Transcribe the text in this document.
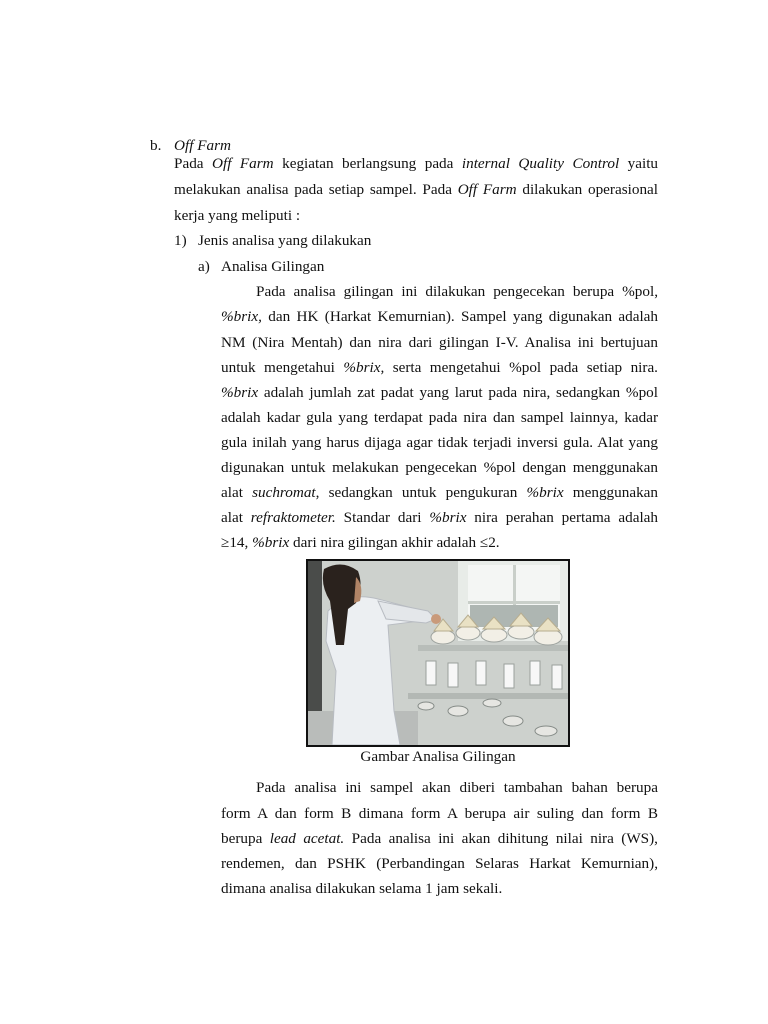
b. Off Farm
Pada Off Farm kegiatan berlangsung pada internal Quality Control yaitu
melakukan analisa pada setiap sampel. Pada Off Farm dilakukan operasional
kerja yang meliputi :
1) Jenis analisa yang dilakukan
a) Analisa Gilingan
Pada analisa gilingan ini dilakukan pengecekan berupa %pol,
%brix, dan HK (Harkat Kemurnian). Sampel yang digunakan adalah
NM (Nira Mentah) dan nira dari gilingan I-V. Analisa ini bertujuan
untuk mengetahui %brix, serta mengetahui %pol pada setiap nira.
%brix adalah jumlah zat padat yang larut pada nira, sedangkan %pol
adalah kadar gula yang terdapat pada nira dan sampel lainnya, kadar
gula inilah yang harus dijaga agar tidak terjadi inversi gula. Alat yang
digunakan untuk melakukan pengecekan %pol dengan menggunakan
alat suchromat, sedangkan untuk pengukuran %brix menggunakan
alat refraktometer. Standar dari %brix nira perahan pertama adalah
≥14, %brix dari nira gilingan akhir adalah ≤2.
Gambar Analisa Gilingan
Pada analisa ini sampel akan diberi tambahan bahan berupa
form A dan form B dimana form A berupa air suling dan form B
berupa lead acetat. Pada analisa ini akan dihitung nilai nira (WS),
rendemen, dan PSHK (Perbandingan Selaras Harkat Kemurnian),
dimana analisa dilakukan selama 1 jam sekali.
